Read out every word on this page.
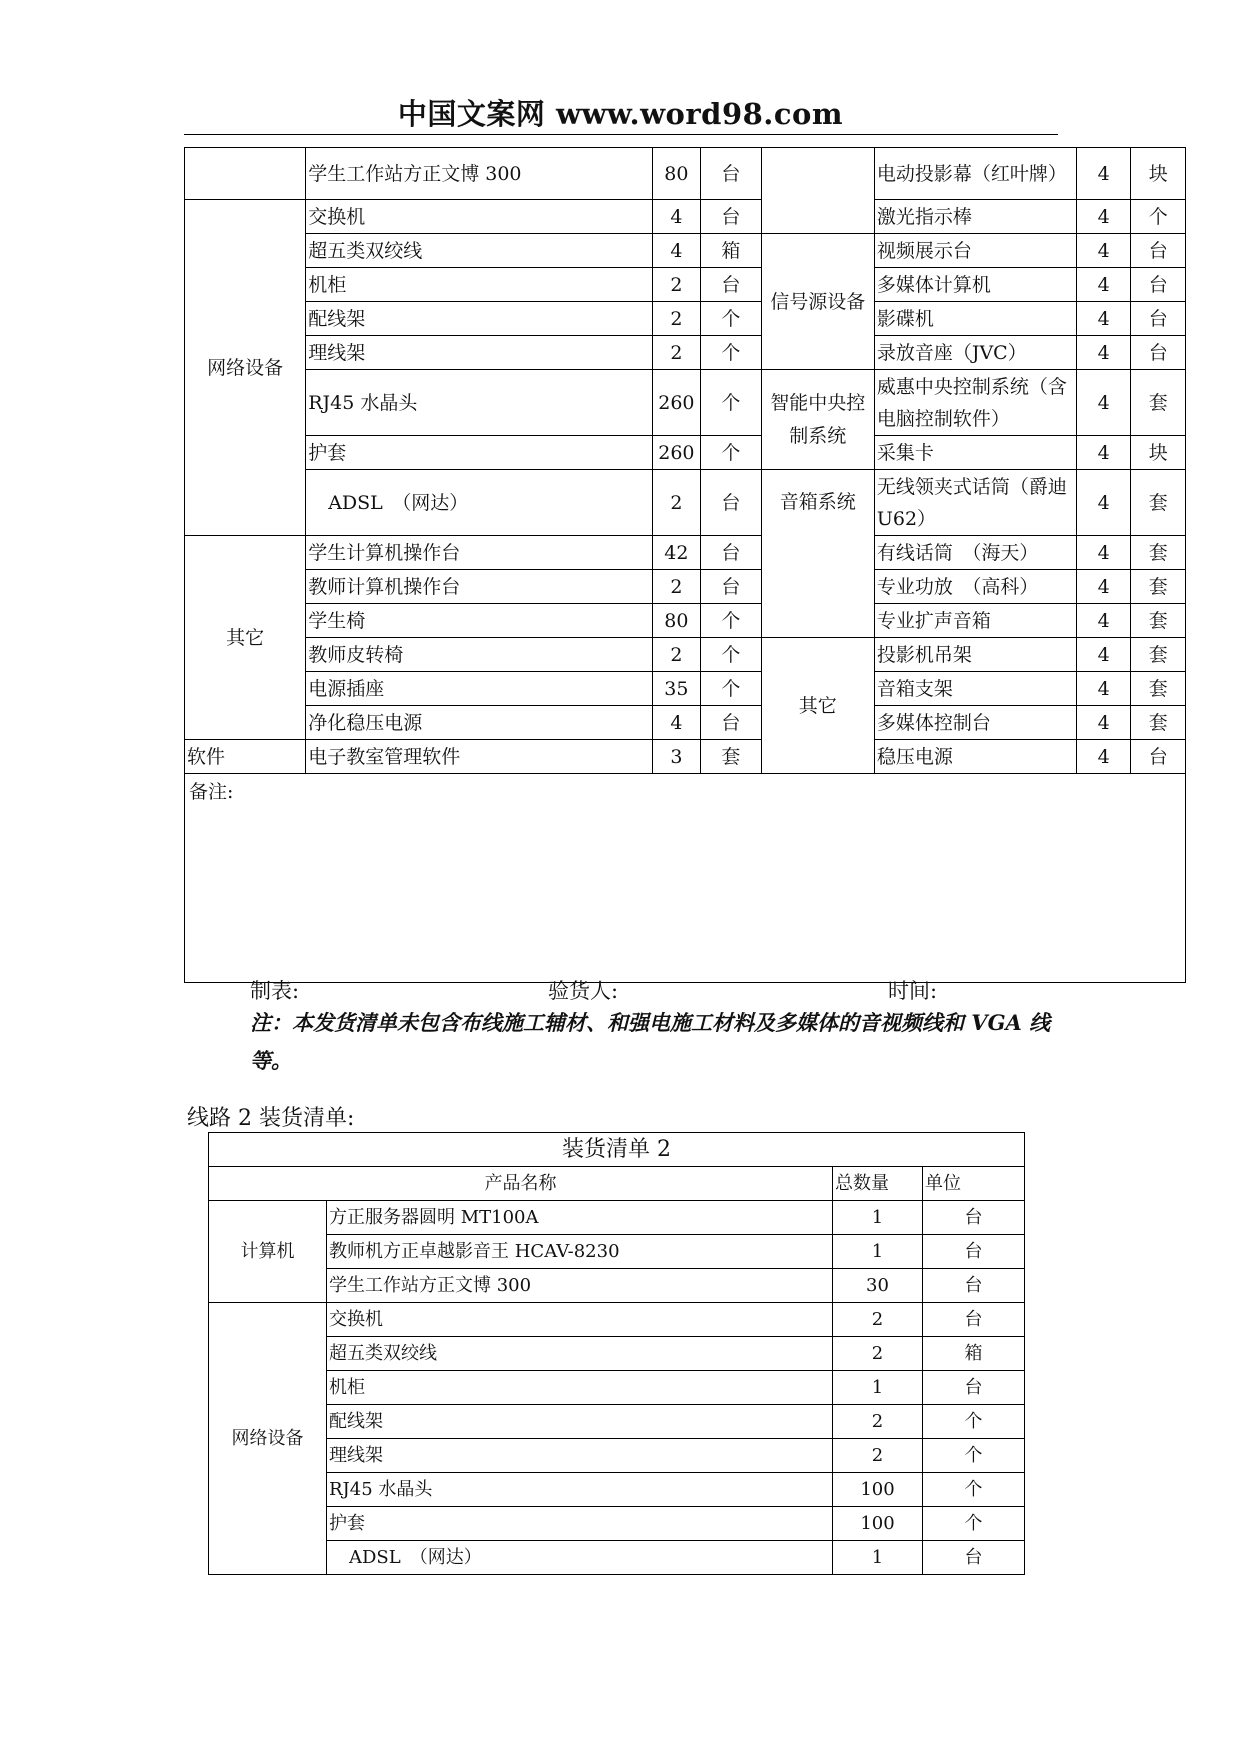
中国文案网 www.word98.com
	学生工作站方正文博 300	80	台		电动投影幕（红叶牌）	4	块
网络设备	交换机	4	台		激光指示棒	4	个
	超五类双绞线	4	箱	信号源设备	视频展示台	4	台
	机柜	2	台		多媒体计算机	4	台
	配线架	2	个		影碟机	4	台
	理线架	2	个		录放音座（JVC）	4	台
	RJ45 水晶头	260	个	智能中央控制系统	威惠中央控制系统（含电脑控制软件）	4	套
	护套	260	个		采集卡	4	块
	ADSL　（网达）	2	台	音箱系统	无线领夹式话筒（爵迪 U62）	4	套
其它	学生计算机操作台	42	台		有线话筒　（海天）	4	套
	教师计算机操作台	2	台		专业功放　（高科）	4	套
	学生椅	80	个		专业扩声音箱	4	套
	教师皮转椅	2	个	其它	投影机吊架	4	套
	电源插座	35	个		音箱支架	4	套
	净化稳压电源	4	台		多媒体控制台	4	套
软件	电子教室管理软件	3	套		稳压电源	4	台
备注:							
制表:	验货人:	时间:
注：本发货清单未包含布线施工辅材、和强电施工材料及多媒体的音视频线和 VGA 线等。
线路 2 装货清单:
装货清单 2			
产品名称		总数量	单位
计算机	方正服务器圆明 MT100A	1	台
	教师机方正卓越影音王 HCAV-8230	1	台
	学生工作站方正文博 300	30	台
网络设备	交换机	2	台
	超五类双绞线	2	箱
	机柜	1	台
	配线架	2	个
	理线架	2	个
	RJ45 水晶头	100	个
	护套	100	个
	ADSL　（网达）	1	台
